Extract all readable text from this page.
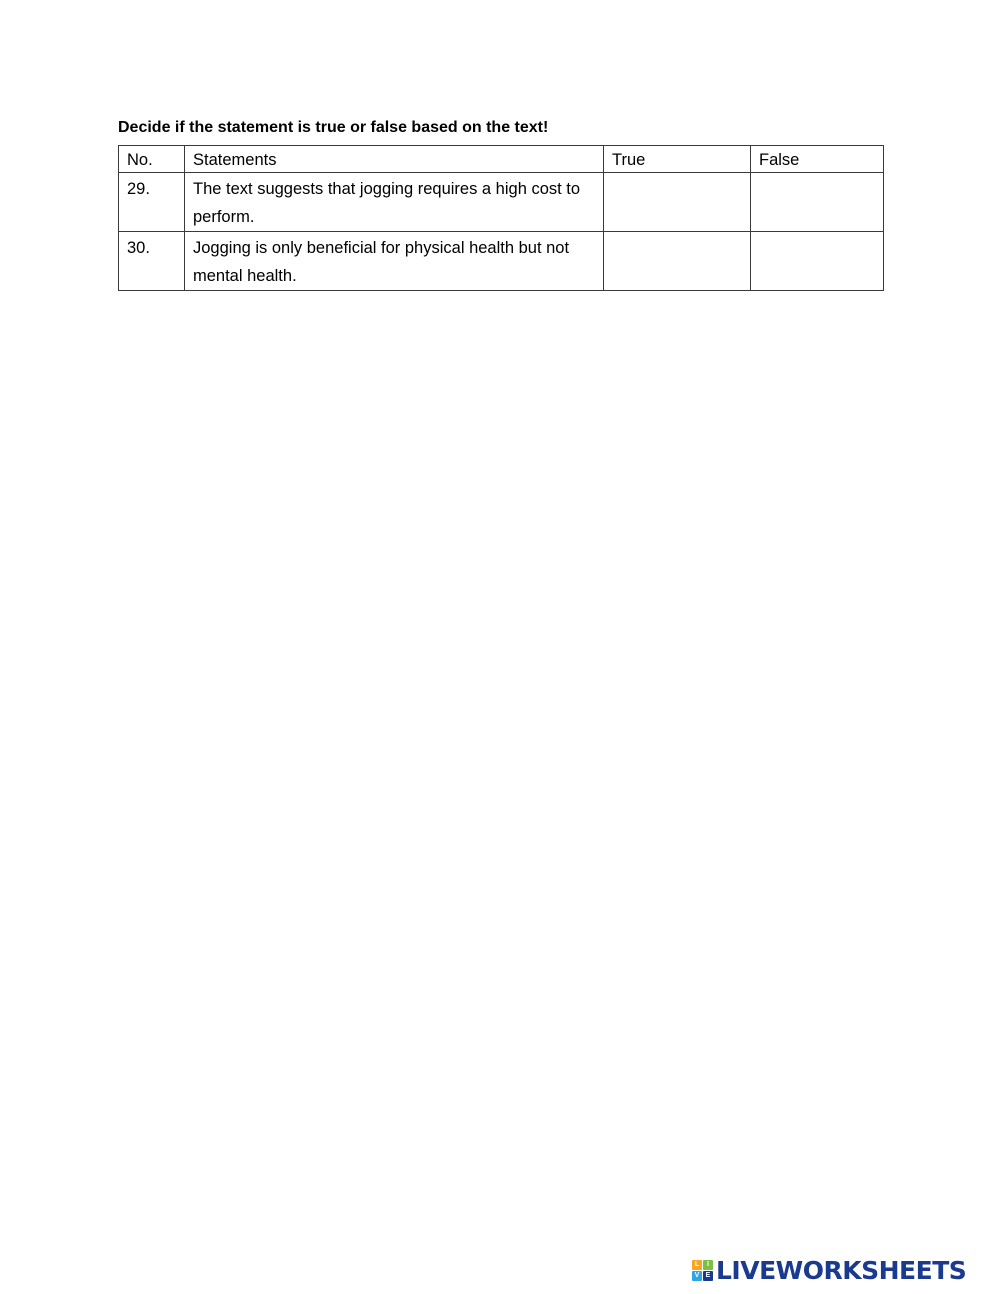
Decide if the statement is true or false based on the text!
No.	Statements	True	False
29.	The text suggests that jogging requires a high cost to perform.		
30.	Jogging is only beneficial for physical health but not mental health.		
L	I
V E LIVEWORKSHEETS
